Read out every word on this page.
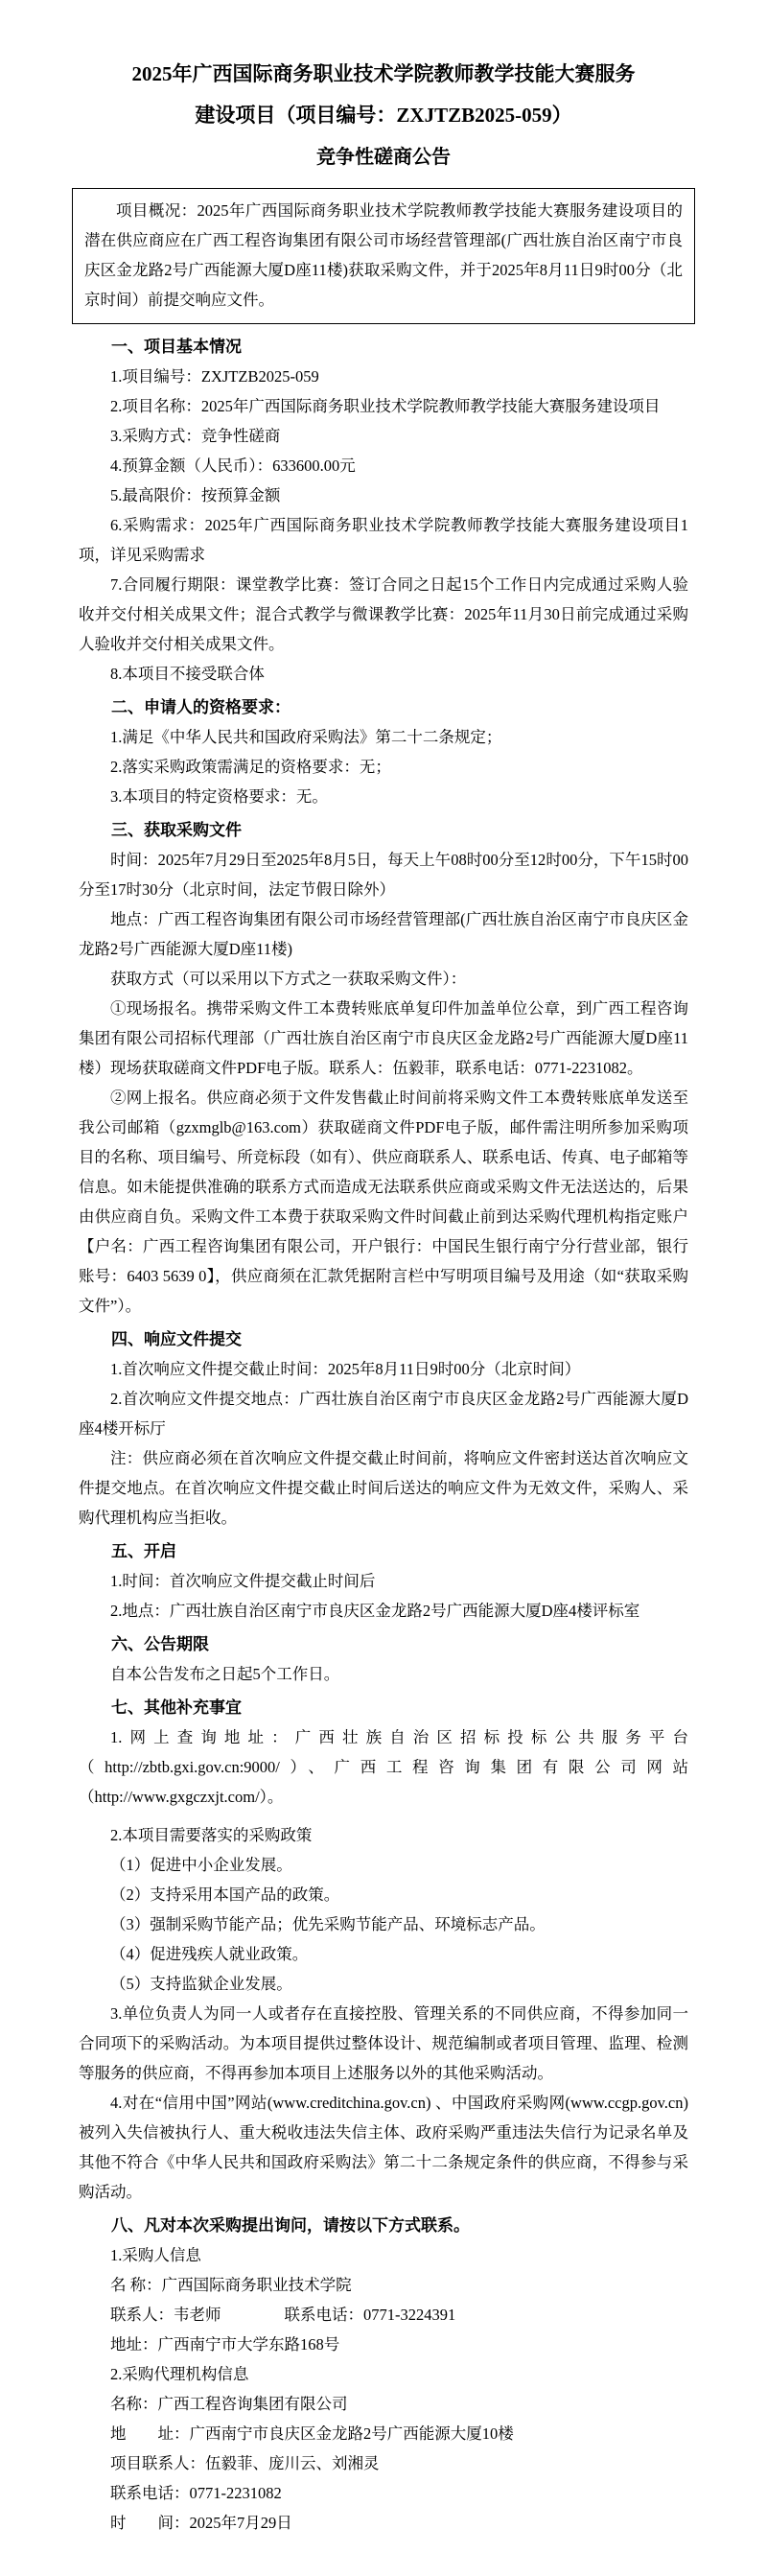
2025年广西国际商务职业技术学院教师教学技能大赛服务
建设项目（项目编号：ZXJTZB2025-059）
竞争性磋商公告

项目概况：2025年广西国际商务职业技术学院教师教学技能大赛服务建设项目的潜在供应商应在广西工程咨询集团有限公司市场经营管理部(广西壮族自治区南宁市良庆区金龙路2号广西能源大厦D座11楼)获取采购文件，并于2025年8月11日9时00分（北京时间）前提交响应文件。

一、项目基本情况

1.项目编号：ZXJTZB2025-059

2.项目名称：2025年广西国际商务职业技术学院教师教学技能大赛服务建设项目

3.采购方式：竞争性磋商

4.预算金额（人民币）：633600.00元

5.最高限价：按预算金额

6.采购需求：2025年广西国际商务职业技术学院教师教学技能大赛服务建设项目1项，详见采购需求

7.合同履行期限：课堂教学比赛：签订合同之日起15个工作日内完成通过采购人验收并交付相关成果文件；混合式教学与微课教学比赛：2025年11月30日前完成通过采购人验收并交付相关成果文件。

8.本项目不接受联合体

二、申请人的资格要求：

1.满足《中华人民共和国政府采购法》第二十二条规定；

2.落实采购政策需满足的资格要求：无；

3.本项目的特定资格要求：无。

三、获取采购文件

时间：2025年7月29日至2025年8月5日，每天上午08时00分至12时00分，下午15时00分至17时30分（北京时间，法定节假日除外）

地点：广西工程咨询集团有限公司市场经营管理部(广西壮族自治区南宁市良庆区金龙路2号广西能源大厦D座11楼)

获取方式（可以采用以下方式之一获取采购文件）：

①现场报名。携带采购文件工本费转账底单复印件加盖单位公章，到广西工程咨询集团有限公司招标代理部（广西壮族自治区南宁市良庆区金龙路2号广西能源大厦D座11楼）现场获取磋商文件PDF电子版。联系人：伍毅菲，联系电话：0771-2231082。

②网上报名。供应商必须于文件发售截止时间前将采购文件工本费转账底单发送至我公司邮箱（gzxmglb@163.com）获取磋商文件PDF电子版，邮件需注明所参加采购项目的名称、项目编号、所竞标段（如有）、供应商联系人、联系电话、传真、电子邮箱等信息。如未能提供准确的联系方式而造成无法联系供应商或采购文件无法送达的，后果由供应商自负。采购文件工本费于获取采购文件时间截止前到达采购代理机构指定账户【户名：广西工程咨询集团有限公司，开户银行：中国民生银行南宁分行营业部，银行账号：6403 5639 0】，供应商须在汇款凭据附言栏中写明项目编号及用途（如“获取采购文件”）。

四、响应文件提交

1.首次响应文件提交截止时间：2025年8月11日9时00分（北京时间）

2.首次响应文件提交地点：广西壮族自治区南宁市良庆区金龙路2号广西能源大厦D座4楼开标厅

注：供应商必须在首次响应文件提交截止时间前，将响应文件密封送达首次响应文件提交地点。在首次响应文件提交截止时间后送达的响应文件为无效文件，采购人、采购代理机构应当拒收。

五、开启

1.时间：首次响应文件提交截止时间后

2.地点：广西壮族自治区南宁市良庆区金龙路2号广西能源大厦D座4楼评标室

六、公告期限

自本公告发布之日起5个工作日。

七、其他补充事宜

1.网上查询地址：广西壮族自治区招标投标公共服务平台（http://zbtb.gxi.gov.cn:9000/）、广西工程咨询集团有限公司网站（http://www.gxgczxjt.com/）。

2.本项目需要落实的采购政策

（1）促进中小企业发展。

（2）支持采用本国产品的政策。

（3）强制采购节能产品；优先采购节能产品、环境标志产品。

（4）促进残疾人就业政策。

（5）支持监狱企业发展。

3.单位负责人为同一人或者存在直接控股、管理关系的不同供应商，不得参加同一合同项下的采购活动。为本项目提供过整体设计、规范编制或者项目管理、监理、检测等服务的供应商，不得再参加本项目上述服务以外的其他采购活动。

4.对在“信用中国”网站(www.creditchina.gov.cn) 、中国政府采购网(www.ccgp.gov.cn)被列入失信被执行人、重大税收违法失信主体、政府采购严重违法失信行为记录名单及其他不符合《中华人民共和国政府采购法》第二十二条规定条件的供应商，不得参与采购活动。

八、凡对本次采购提出询问，请按以下方式联系。

1.采购人信息

名 称：广西国际商务职业技术学院

联系人：韦老师　　　　联系电话：0771-3224391

地址：广西南宁市大学东路168号

2.采购代理机构信息

名称：广西工程咨询集团有限公司

地　　址：广西南宁市良庆区金龙路2号广西能源大厦10楼

项目联系人：伍毅菲、庞川云、刘湘灵

联系电话：0771-2231082

时　　间：2025年7月29日
